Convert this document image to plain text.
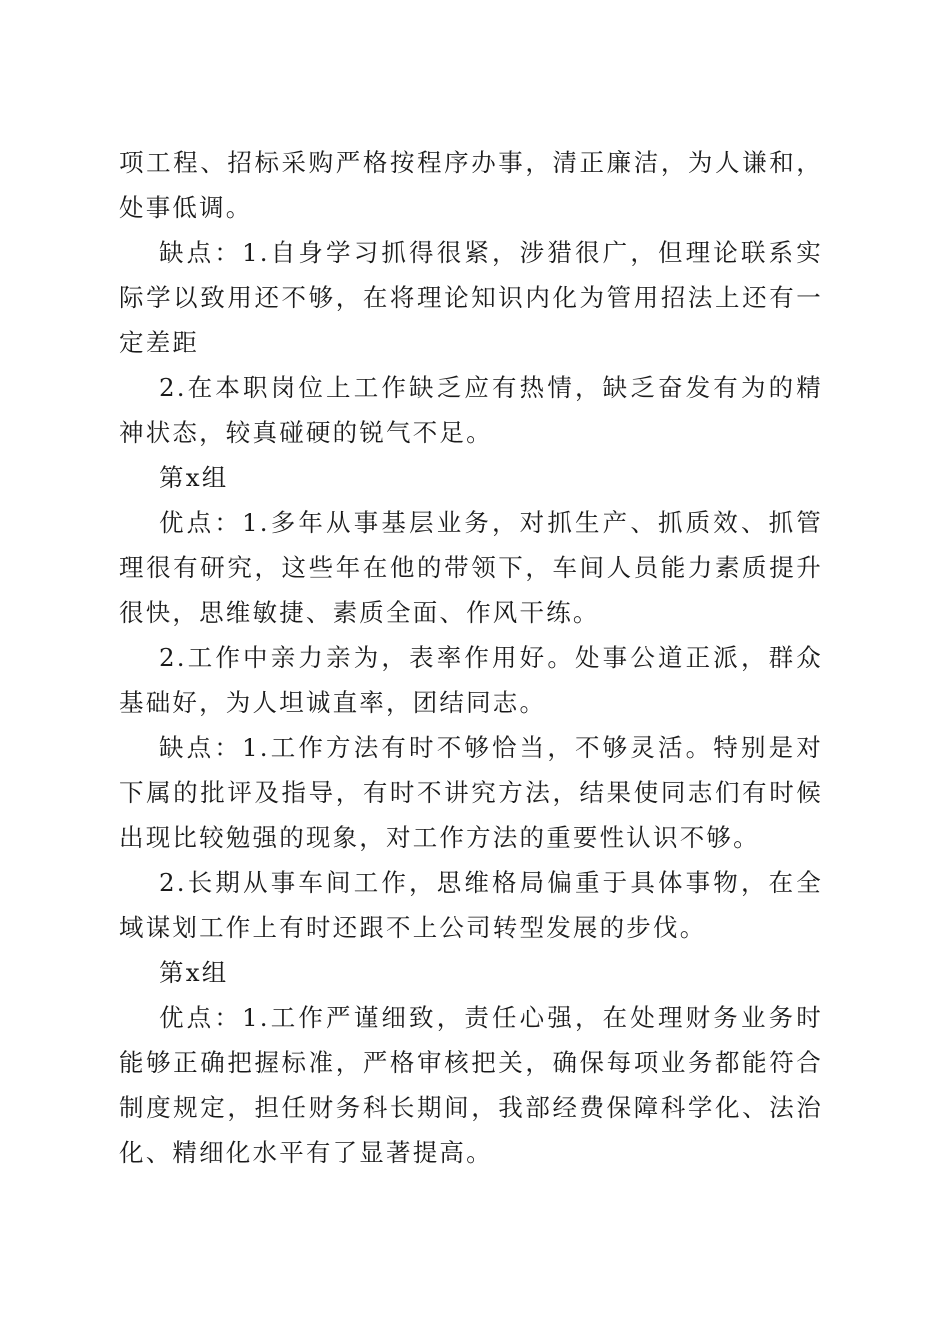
项工程、招标采购严格按程序办事，清正廉洁，为人谦和，处事低调。

缺点：1.自身学习抓得很紧，涉猎很广，但理论联系实际学以致用还不够，在将理论知识内化为管用招法上还有一定差距

2.在本职岗位上工作缺乏应有热情，缺乏奋发有为的精神状态，较真碰硬的锐气不足。

第x组

优点：1.多年从事基层业务，对抓生产、抓质效、抓管理很有研究，这些年在他的带领下，车间人员能力素质提升很快，思维敏捷、素质全面、作风干练。

2.工作中亲力亲为，表率作用好。处事公道正派，群众基础好，为人坦诚直率，团结同志。

缺点：1.工作方法有时不够恰当，不够灵活。特别是对下属的批评及指导，有时不讲究方法，结果使同志们有时候出现比较勉强的现象，对工作方法的重要性认识不够。

2.长期从事车间工作，思维格局偏重于具体事物，在全域谋划工作上有时还跟不上公司转型发展的步伐。

第x组

优点：1.工作严谨细致，责任心强，在处理财务业务时能够正确把握标准，严格审核把关，确保每项业务都能符合制度规定，担任财务科长期间，我部经费保障科学化、法治化、精细化水平有了显著提高。
